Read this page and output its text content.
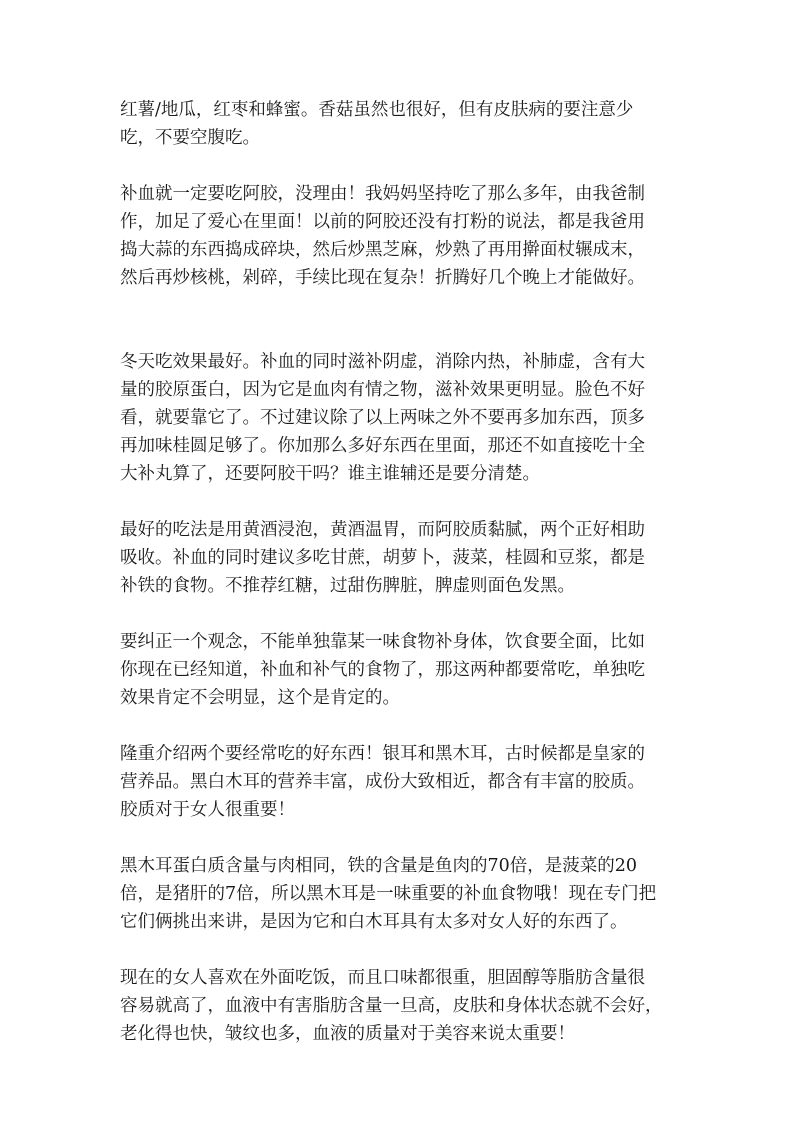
红薯/地瓜，红枣和蜂蜜。香菇虽然也很好，但有皮肤病的要注意少
吃，不要空腹吃。
补血就一定要吃阿胶，没理由！我妈妈坚持吃了那么多年，由我爸制
作，加足了爱心在里面！以前的阿胶还没有打粉的说法，都是我爸用
捣大蒜的东西捣成碎块，然后炒黑芝麻，炒熟了再用擀面杖辗成末，
然后再炒核桃，剁碎，手续比现在复杂！折腾好几个晚上才能做好。
冬天吃效果最好。补血的同时滋补阴虚，消除内热，补肺虚，含有大
量的胶原蛋白，因为它是血肉有情之物，滋补效果更明显。脸色不好
看，就要靠它了。不过建议除了以上两味之外不要再多加东西，顶多
再加味桂圆足够了。你加那么多好东西在里面，那还不如直接吃十全
大补丸算了，还要阿胶干吗？谁主谁辅还是要分清楚。
最好的吃法是用黄酒浸泡，黄酒温胃，而阿胶质黏腻，两个正好相助
吸收。补血的同时建议多吃甘蔗，胡萝卜，菠菜，桂圆和豆浆，都是
补铁的食物。不推荐红糖，过甜伤脾脏，脾虚则面色发黑。
要纠正一个观念，不能单独靠某一味食物补身体，饮食要全面，比如
你现在已经知道，补血和补气的食物了，那这两种都要常吃，单独吃
效果肯定不会明显，这个是肯定的。
隆重介绍两个要经常吃的好东西！银耳和黑木耳，古时候都是皇家的
营养品。黑白木耳的营养丰富，成份大致相近，都含有丰富的胶质。
胶质对于女人很重要！
黑木耳蛋白质含量与肉相同，铁的含量是鱼肉的70倍，是菠菜的20
倍，是猪肝的7倍，所以黑木耳是一味重要的补血食物哦！现在专门把
它们俩挑出来讲，是因为它和白木耳具有太多对女人好的东西了。
现在的女人喜欢在外面吃饭，而且口味都很重，胆固醇等脂肪含量很
容易就高了，血液中有害脂肪含量一旦高，皮肤和身体状态就不会好，
老化得也快，皱纹也多，血液的质量对于美容来说太重要！
